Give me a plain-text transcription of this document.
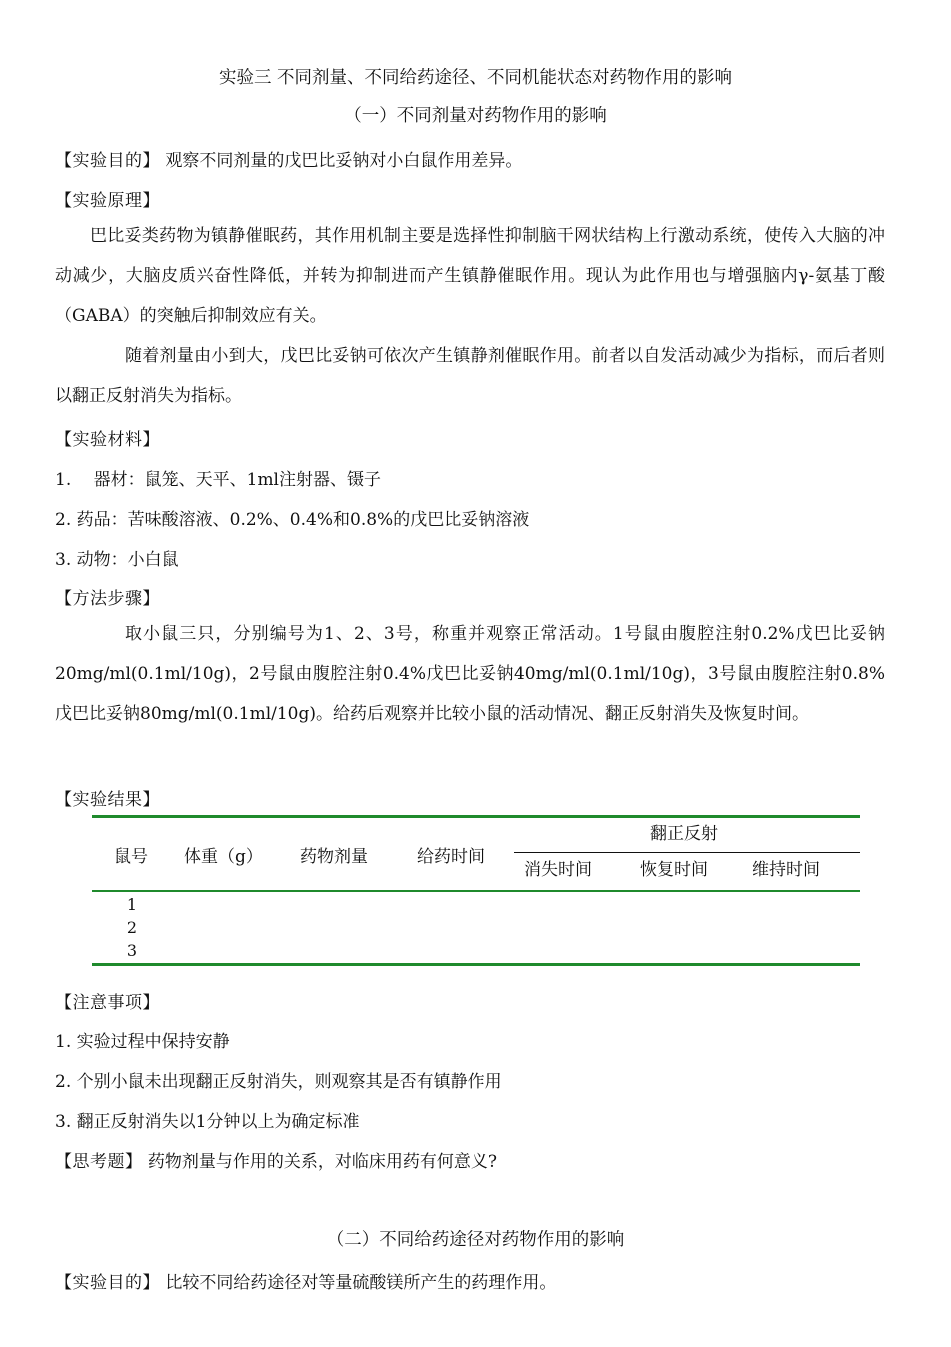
实验三 不同剂量、不同给药途径、不同机能状态对药物作用的影响
（一）不同剂量对药物作用的影响
【实验目的】 观察不同剂量的戊巴比妥钠对小白鼠作用差异。
【实验原理】
巴比妥类药物为镇静催眠药，其作用机制主要是选择性抑制脑干网状结构上行激动系统，使传入大脑的冲动减少，大脑皮质兴奋性降低，并转为抑制进而产生镇静催眠作用。现认为此作用也与增强脑内γ-氨基丁酸（GABA）的突触后抑制效应有关。
随着剂量由小到大，戊巴比妥钠可依次产生镇静剂催眠作用。前者以自发活动减少为指标，而后者则以翻正反射消失为指标。
【实验材料】
1.　 器材：鼠笼、天平、1ml注射器、镊子
2. 药品：苦味酸溶液、0.2%、0.4%和0.8%的戊巴比妥钠溶液
3. 动物：小白鼠
【方法步骤】
取小鼠三只，分别编号为1、2、3号，称重并观察正常活动。1号鼠由腹腔注射0.2%戊巴比妥钠20mg/ml(0.1ml/10g)，2号鼠由腹腔注射0.4%戊巴比妥钠40mg/ml(0.1ml/10g)，3号鼠由腹腔注射0.8%戊巴比妥钠80mg/ml(0.1ml/10g)。给药后观察并比较小鼠的活动情况、翻正反射消失及恢复时间。
【实验结果】
鼠号 体重（g） 药物剂量	给药时间
翻正反射
消失时间	恢复时间	维持时间
1
2
3
【注意事项】
1. 实验过程中保持安静
2. 个别小鼠未出现翻正反射消失，则观察其是否有镇静作用
3. 翻正反射消失以1分钟以上为确定标准
【思考题】 药物剂量与作用的关系，对临床用药有何意义?
（二）不同给药途径对药物作用的影响
【实验目的】 比较不同给药途径对等量硫酸镁所产生的药理作用。
